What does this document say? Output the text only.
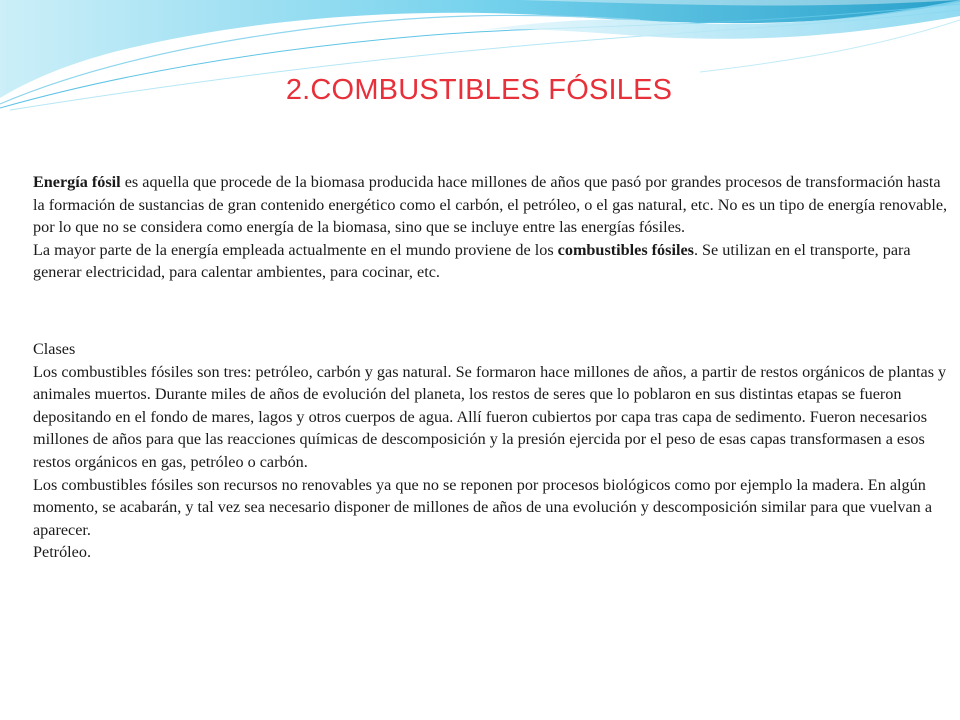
2.COMBUSTIBLES FÓSILES

Energía fósil es aquella que procede de la biomasa producida hace millones de años que pasó por grandes procesos de transformación hasta la formación de sustancias de gran contenido energético como el carbón, el petróleo, o el gas natural, etc. No es un tipo de energía renovable, por lo que no se considera como energía de la biomasa, sino que se incluye entre las energías fósiles.

La mayor parte de la energía empleada actualmente en el mundo proviene de los combustibles fósiles. Se utilizan en el transporte, para generar electricidad, para calentar ambientes, para cocinar, etc.

Clases

Los combustibles fósiles son tres: petróleo, carbón y gas natural. Se formaron hace millones de años, a partir de restos orgánicos de plantas y animales muertos. Durante miles de años de evolución del planeta, los restos de seres que lo poblaron en sus distintas etapas se fueron depositando en el fondo de mares, lagos y otros cuerpos de agua. Allí fueron cubiertos por capa tras capa de sedimento. Fueron necesarios millones de años para que las reacciones químicas de descomposición y la presión ejercida por el peso de esas capas transformasen a esos restos orgánicos en gas, petróleo o carbón.

Los combustibles fósiles son recursos no renovables ya que no se reponen por procesos biológicos como por ejemplo la madera. En algún momento, se acabarán, y tal vez sea necesario disponer de millones de años de una evolución y descomposición similar para que vuelvan a aparecer.

Petróleo.
